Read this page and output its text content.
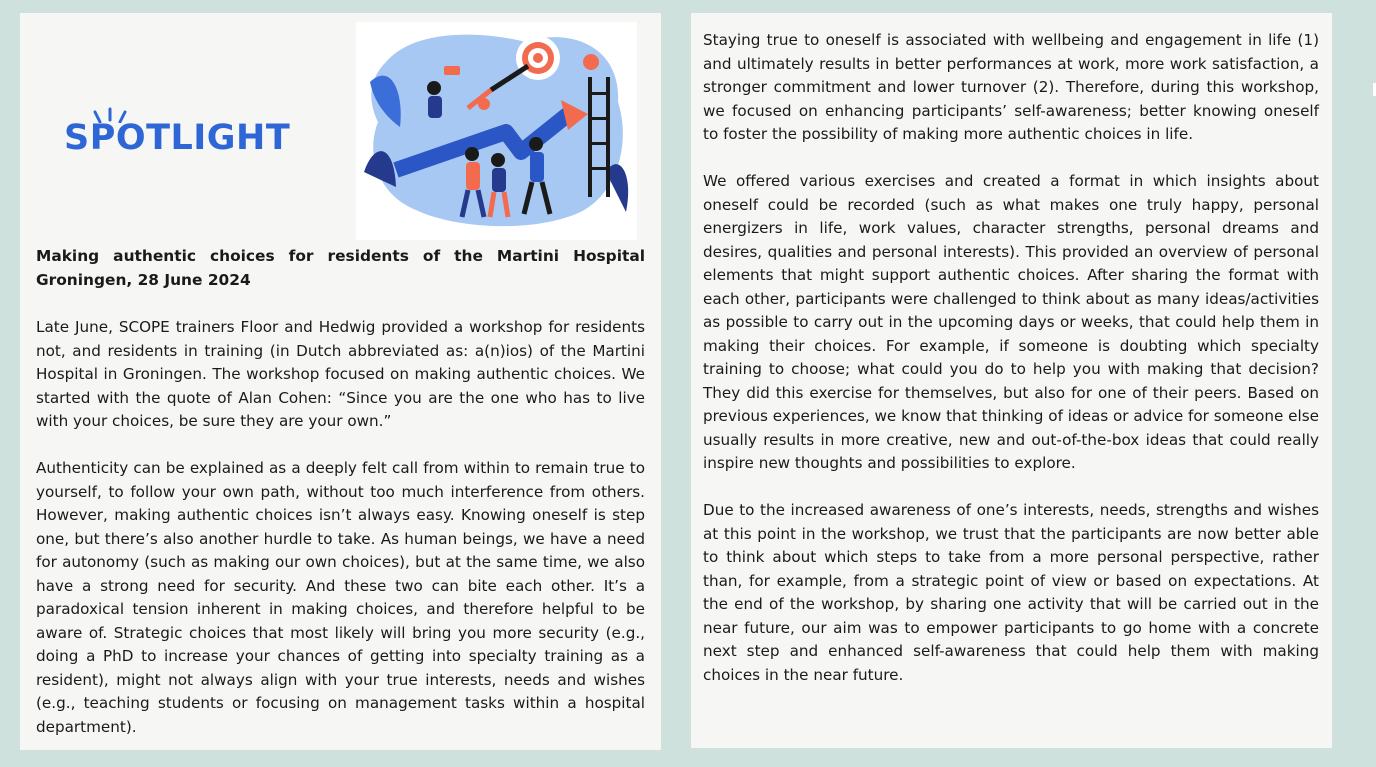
SPOTLIGHT
Making authentic choices for residents of the Martini Hospital Groningen, 28 June 2024

Late June, SCOPE trainers Floor and Hedwig provided a workshop for residents not, and residents in training (in Dutch abbreviated as: a(n)ios) of the Martini Hospital in Groningen. The workshop focused on making authentic choices. We started with the quote of Alan Cohen: “Since you are the one who has to live with your choices, be sure they are your own.”

Authenticity can be explained as a deeply felt call from within to remain true to yourself, to follow your own path, without too much interference from others. However, making authentic choices isn’t always easy. Knowing oneself is step one, but there’s also another hurdle to take. As human beings, we have a need for autonomy (such as making our own choices), but at the same time, we also have a strong need for security. And these two can bite each other. It’s a paradoxical tension inherent in making choices, and therefore helpful to be aware of. Strategic choices that most likely will bring you more security (e.g., doing a PhD to increase your chances of getting into specialty training as a resident), might not always align with your true interests, needs and wishes (e.g., teaching students or focusing on management tasks within a hospital department).

Staying true to oneself is associated with wellbeing and engagement in life (1) and ultimately results in better performances at work, more work satisfaction, a stronger commitment and lower turnover (2). Therefore, during this workshop, we focused on enhancing participants’ self-awareness; better knowing oneself to foster the possibility of making more authentic choices in life.

We offered various exercises and created a format in which insights about oneself could be recorded (such as what makes one truly happy, personal energizers in life, work values, character strengths, personal dreams and desires, qualities and personal interests). This provided an overview of personal elements that might support authentic choices. After sharing the format with each other, participants were challenged to think about as many ideas/activities as possible to carry out in the upcoming days or weeks, that could help them in making their choices. For example, if someone is doubting which specialty training to choose; what could you do to help you with making that decision? They did this exercise for themselves, but also for one of their peers. Based on previous experiences, we know that thinking of ideas or advice for someone else usually results in more creative, new and out-of-the-box ideas that could really inspire new thoughts and possibilities to explore.

Due to the increased awareness of one’s interests, needs, strengths and wishes at this point in the workshop, we trust that the participants are now better able to think about which steps to take from a more personal perspective, rather than, for example, from a strategic point of view or based on expectations. At the end of the workshop, by sharing one activity that will be carried out in the near future, our aim was to empower participants to go home with a concrete next step and enhanced self-awareness that could help them with making choices in the near future.
